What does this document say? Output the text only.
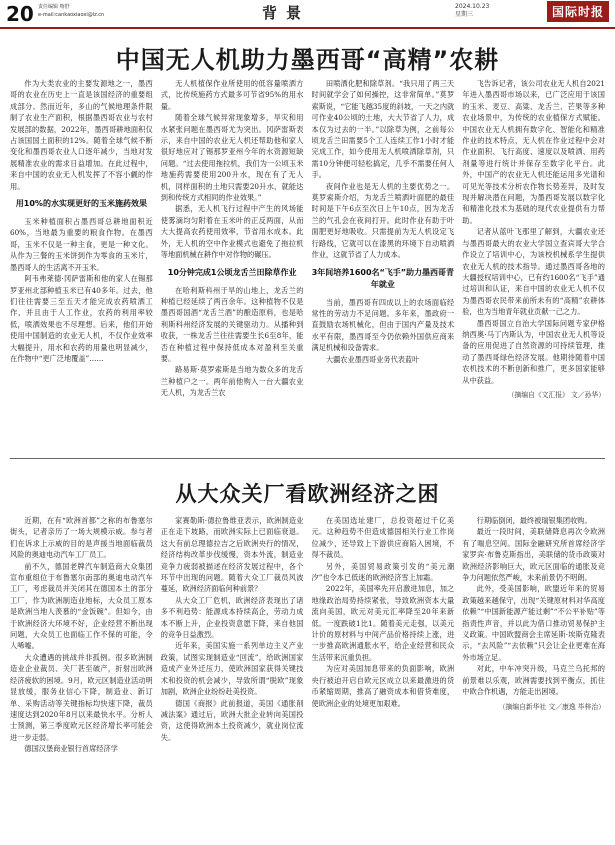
20 责任编辑 喀舒
e-mail:cankaoxiaoxi@lz.cn	背景	2024.10.23
星期三	国际时报
中国无人机助力墨西哥“高精”农耕

作为大类农业的主要发源地之一，墨西哥的农业在历史上一直是该国经济的重要组成部分。然而近年，多山的气候地理条件限制了农业生产面积，根据墨西哥农业与农村发展部的数据，2022年，墨西哥耕地面积仅占该国国土面积的12%。随着全球气候不断变化和墨西哥农业人口逐年减少，当地对发展精准农业的需求日益增加。在此过程中，来自中国的农业无人机发挥了不容小觑的作用。

用10%的水实现更好的玉米施药效果

玉米种植面积占墨西哥总耕地面积近60%，当地最为重要的粮食作物。在墨西哥，玉米不仅是一种主食，更是一种文化。从作为三餐的玉米饼到作为零食的玉米片，墨西哥人的生活离不开玉米。

阿韦弗莱德·冈萨雷斯和他的家人在锡那罗亚州北部种植玉米已有40多年。过去，他们往往需要三至五天才能完成农药喷洒工作，并且由于人工作业，农药的利用率较低，喷洒效果也不尽理想。后来，他们开始使用中国制造的农业无人机，不仅作业效率大幅提升，用水和农药的用量也明显减少，在作物中“更广泛地覆盖”……

无人机植保作业所使用的低容量喷洒方式，比传统施药方式最多可节省95%的用水量。

随着全球气候异常现象增多，旱灾和用水紧张问题在墨西哥尤为突出。冈萨雷斯表示，来自中国的农业无人机还帮助他和家人很好地应对了锡那罗亚州今年的水资源短缺问题。“过去使用拖拉机，我们为一公顷玉米地施药需要使用200升水，现在有了无人机，同样面积的土地只需要20升水，就能达到和传统方式相同的作业效果。”

据悉，无人机飞行过程中产生的风场能使雾滴均匀附着在玉米叶的正反两面，从而大大提高农药使用效率，节省用水成本。此外，无人机的空中作业模式也避免了拖拉机等地面机械在耕作中对作物的碾压。

10分钟完成1公顷龙舌兰田除草作业

在哈利斯科州于旱的山地上，龙舌兰的种植已经延续了两百余年。这种植物不仅是墨西哥国酒“龙舌兰酒”的酿造原料，也是哈利斯科州经济发展的关键驱动力。从播种到收获，一株龙舌兰往往需要生长6至8年，能否在种植过程中保持低成本对盈利至关重要。

路易斯·莫罗索斯是当地为数众多的龙舌兰种植户之一。两年前他购入一台大疆农业无人机，为龙舌兰农

田喷洒化肥和除草剂。“我只用了两三天时间就学会了如何操控，这非常简单。”莫罗索斯说，“它能飞越35度的斜坡，一天之内就可作业40公顷的土地，大大节省了人力，成本仅为过去的一半。”以除草为例，之前每公顷龙舌兰田需要5个工人连续工作1小时才能完成工作，如今使用无人机喷洒除草剂，只需10分钟便可轻松搞定，几乎不需要任何人手。

夜间作业也是无人机的主要优势之一。莫罗索斯介绍，为龙舌兰喷洒叶面肥的最佳时间是下午6点至次日上午10点，因为龙舌兰的气孔会在夜间打开。此时作业有助于叶面肥更好地吸收。只需提前为无人机设定飞行路线，它就可以在漆黑的环境下自动喷洒作业，这就节省了人力成本。

3年间培养1600名“飞手”助力墨西哥青年就业

当前，墨西哥有四成以上的农场面临经常性的劳动力不足问题。多年来，墨政府一直鼓励农场机械化，但由于国内产量及技术水平有限，墨西哥至今仍依赖外国供应商来满足机械和设备需求。

大疆农业墨西哥业务代表蓝叶

飞告诉记者，该公司农业无人机自2021年进入墨西哥市场以来，已广泛应用于该国的玉米、麦豆、高粱、龙舌兰、芒果等多种农业场景中，为传统的农业植保方式赋能。中国农业无人机拥有数字化、智能化和精准作业的技术特点，无人机在作业过程中会对作业面积、飞行高度、速度以及喷洒、用药剂量等进行统计并保存至数字化平台。此外，中国产的农业无人机还能运用多光谱和可见光等技术分析农作物长势差异，及时发现并解决潜在问题，为墨西哥发展以数字化和精准化技术为基础的现代农业提供有力帮助。

记者从蓝叶飞那里了解到，大疆农业还与墨西哥最大的农业大学国立查宾哥大学合作设立了培训中心，为该校机械系学生提供农业无人机的技术指导。通过墨西哥各地的大疆授权培训中心，已有约1600名“飞手”通过培训和认证，来自中国的农业无人机不仅为墨西哥农民带来前所未有的“高精”农耕体验，也为当地青年就业贡献一己之力。

墨西哥国立自治大学国际问题专家伊格纳西奥·马丁内斯认为，中国农业无人机等设备的应用促进了自然资源的可持续管理，推动了墨西哥绿色经济发展。他期待随着中国农机技术的不断创新和推广，更多国家能够从中获益。

（摘编自《文汇报》 文／孙华）

从大众关厂看欧洲经济之困

近期，在有“欧洲首都”之称的布鲁塞尔街头，记者亲历了一场大规模示威。参与者们在诉求上示威的目的是声援当地面临裁员风险的奥迪电动汽车工厂员工。

前不久，德国老牌汽车制造商大众集团宣布重组位于布鲁塞尔南部的奥迪电动汽车工厂，考虑裁员并关闭其在德国本土的部分工厂，作为欧洲制造业地标，大众员工原本是欧洲当地人羡慕的“金饭碗”。但如今，由于欧洲经济大环境不好，企业经营不断出现问题，大众员工也面临工作不保的可能，令人唏嘘。

大众遭遇的挑战并非孤例。很多欧洲制造业企业裁员、关厂甚至破产，折射出欧洲经济疲软的困境。9月，欧元区制造业活动明显放缓，服务业信心下降，制造业、新订单、采购活动等关键指标均快速下降，裁员速度达到2020年8月以来最快水平。分析人士预测，第三季度欧元区经济增长率可能会进一步走弱。

德国汉堡商业银行首席经济学

家赛勒斯·德拉鲁维亚表示，欧洲制造业正在走下坡路，而欧洲实际上已面临衰退。这大有前总理德拉吉之后欧洲央行的情况，经济结构改革步伐缓慢，资本外流，制造业竞争力疲弱被描述在经济发展过程中，各个环节中出现的问题。随着大众工厂裁员风波蔓延，欧洲经济面临何种前景？

从大众工厂危机，欧洲经济表现出了诸多不利趋势：能源成本持续高企，劳动力成本不断上升，企业投资意愿下降，来自他国的竞争日益激烈。

近年来，美国实施一系列单边主义产业政策，试图实现制造业“回流”，给欧洲国家造成产业外迁压力，使欧洲国家获得关键技术和投资的机会减少，导致所谓“脱欧”现象加剧，欧洲企业纷纷赴美投资。

德国《商报》此前报道，美国《通胀削减法案》通过后，欧洲大批企业转向美国投资，这使得欧洲本土投资减少，就业岗位流失。

在美国选址建厂，总投资超过千亿美元。这种趋势不但造成德国相关行业工作岗位减少，还导致上下游供应商陷入困境，不得不裁员。

另外，美国贸易政策引发的“美元潮汐”也令本已低迷的欧洲经济雪上加霜。

2022年，美国率先开启激进加息，加之地缘政治局势持续紧张，导致欧洲资本大量流向美国，欧元对美元汇率降至20年来新低。一度跌破1比1。随着美元走强，以美元计价的原材料与中间产品价格持续上涨，进一步推高欧洲通胀水平，给企业经营和民众生活带来沉重负担。

为应对美国加息带来的负面影响，欧洲央行被迫开启自欧元区成立以来最激进的货币紧缩周期，推高了融资成本和借贷难度，使欧洲企业的处境更加艰难。

行期临倒闭，最终被瑞银集团收购。

最近一段时间，美联储降息再次令欧洲有了喘息空间。国际金融研究所首席经济学家罗宾·布鲁克斯指出，美联储的货币政策对欧洲经济影响巨大，欧元区面临的通胀及竞争力问题依然严峻，未来前景仍不明朗。

此外，受美国影响，欧盟近年来的贸易政策越来越保守，出现“关键原材料对华高度依赖”“中国新能源产能过剩”“不公平补贴”等指责性声音，并以此为借口推动贸易保护主义政策。中国欧盟商会主席延斯·埃斯克隆表示，“去风险”“去依赖”只会让企业更难在海外市场立足。

对此，中车冲突升级，马克兰乌托邦的前景难以乐观，欧洲需要找到平衡点，抓住中欧合作机遇，方能走出困境。

（摘编自新华社 文／康逸 毕梓治）
